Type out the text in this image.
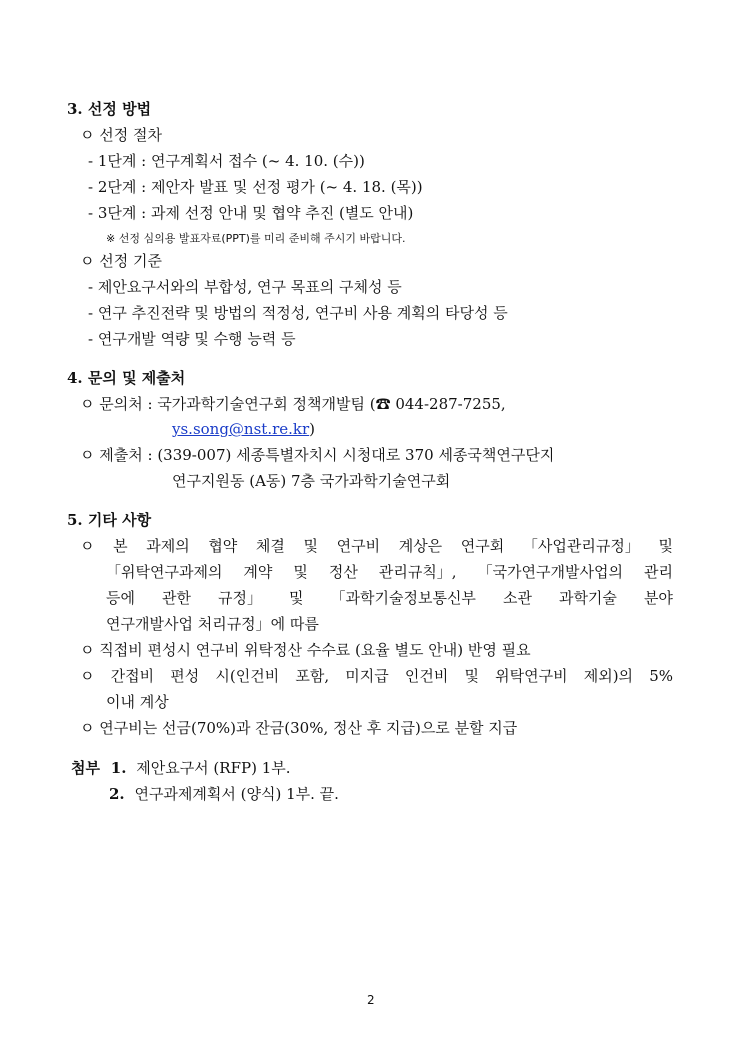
3. 선정 방법
ㅇ 선정 절차
- 1단계 : 연구계획서 접수 (~ 4. 10. (수))
- 2단계 : 제안자 발표 및 선정 평가 (~ 4. 18. (목))
- 3단계 : 과제 선정 안내 및 협약 추진 (별도 안내)
※ 선정 심의용 발표자료(PPT)를 미리 준비해 주시기 바랍니다.
ㅇ 선정 기준
- 제안요구서와의 부합성, 연구 목표의 구체성 등
- 연구 추진전략 및 방법의 적정성, 연구비 사용 계획의 타당성 등
- 연구개발 역량 및 수행 능력 등
4. 문의 및 제출처
ㅇ 문의처 : 국가과학기술연구회 정책개발팀 (☎ 044-287-7255,
ys.song@nst.re.kr)
ㅇ 제출처 : (339-007) 세종특별자치시 시청대로 370 세종국책연구단지
연구지원동 (A동) 7층 국가과학기술연구회
5. 기타 사항
ㅇ 본 과제의 협약 체결 및 연구비 계상은 연구회 「사업관리규정」 및
「위탁연구과제의 계약 및 정산 관리규칙」, 「국가연구개발사업의 관리
등에 관한 규정」 및 「과학기술정보통신부 소관 과학기술 분야
연구개발사업 처리규정」에 따름
ㅇ 직접비 편성시 연구비 위탁정산 수수료 (요율 별도 안내) 반영 필요
ㅇ 간접비 편성 시(인건비 포함, 미지급 인건비 및 위탁연구비 제외)의 5%
이내 계상
ㅇ 연구비는 선금(70%)과 잔금(30%, 정산 후 지급)으로 분할 지급
첨부 1. 제안요구서 (RFP) 1부.
2. 연구과제계획서 (양식) 1부. 끝.
2
